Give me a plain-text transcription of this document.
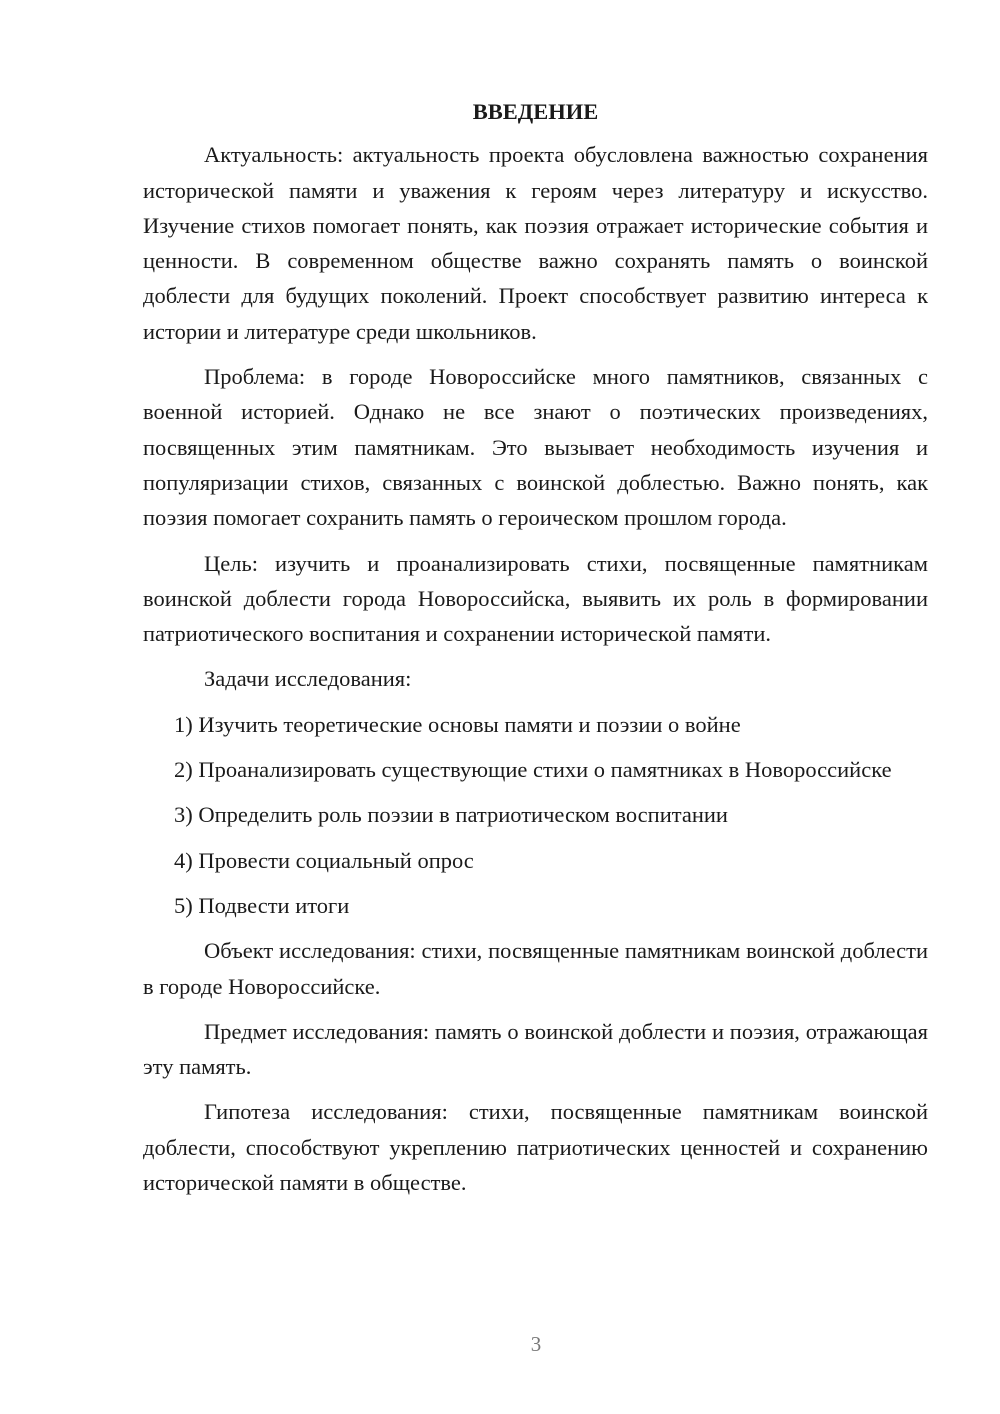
ВВЕДЕНИЕ

Актуальность: актуальность проекта обусловлена важностью сохранения исторической памяти и уважения к героям через литературу и искусство. Изучение стихов помогает понять, как поэзия отражает исторические события и ценности. В современном обществе важно сохранять память о воинской доблести для будущих поколений. Проект способствует развитию интереса к истории и литературе среди школьников.

Проблема: в городе Новороссийске много памятников, связанных с военной историей. Однако не все знают о поэтических произведениях, посвященных этим памятникам. Это вызывает необходимость изучения и популяризации стихов, связанных с воинской доблестью. Важно понять, как поэзия помогает сохранить память о героическом прошлом города.

Цель: изучить и проанализировать стихи, посвященные памятникам воинской доблести города Новороссийска, выявить их роль в формировании патриотического воспитания и сохранении исторической памяти.

Задачи исследования:

1) Изучить теоретические основы памяти и поэзии о войне

2) Проанализировать существующие стихи о памятниках в Новороссийске

3) Определить роль поэзии в патриотическом воспитании

4) Провести социальный опрос

5) Подвести итоги

Объект исследования: стихи, посвященные памятникам воинской доблести в городе Новороссийске.

Предмет исследования: память о воинской доблести и поэзия, отражающая эту память.

Гипотеза исследования: стихи, посвященные памятникам воинской доблести, способствуют укреплению патриотических ценностей и сохранению исторической памяти в обществе.

3
